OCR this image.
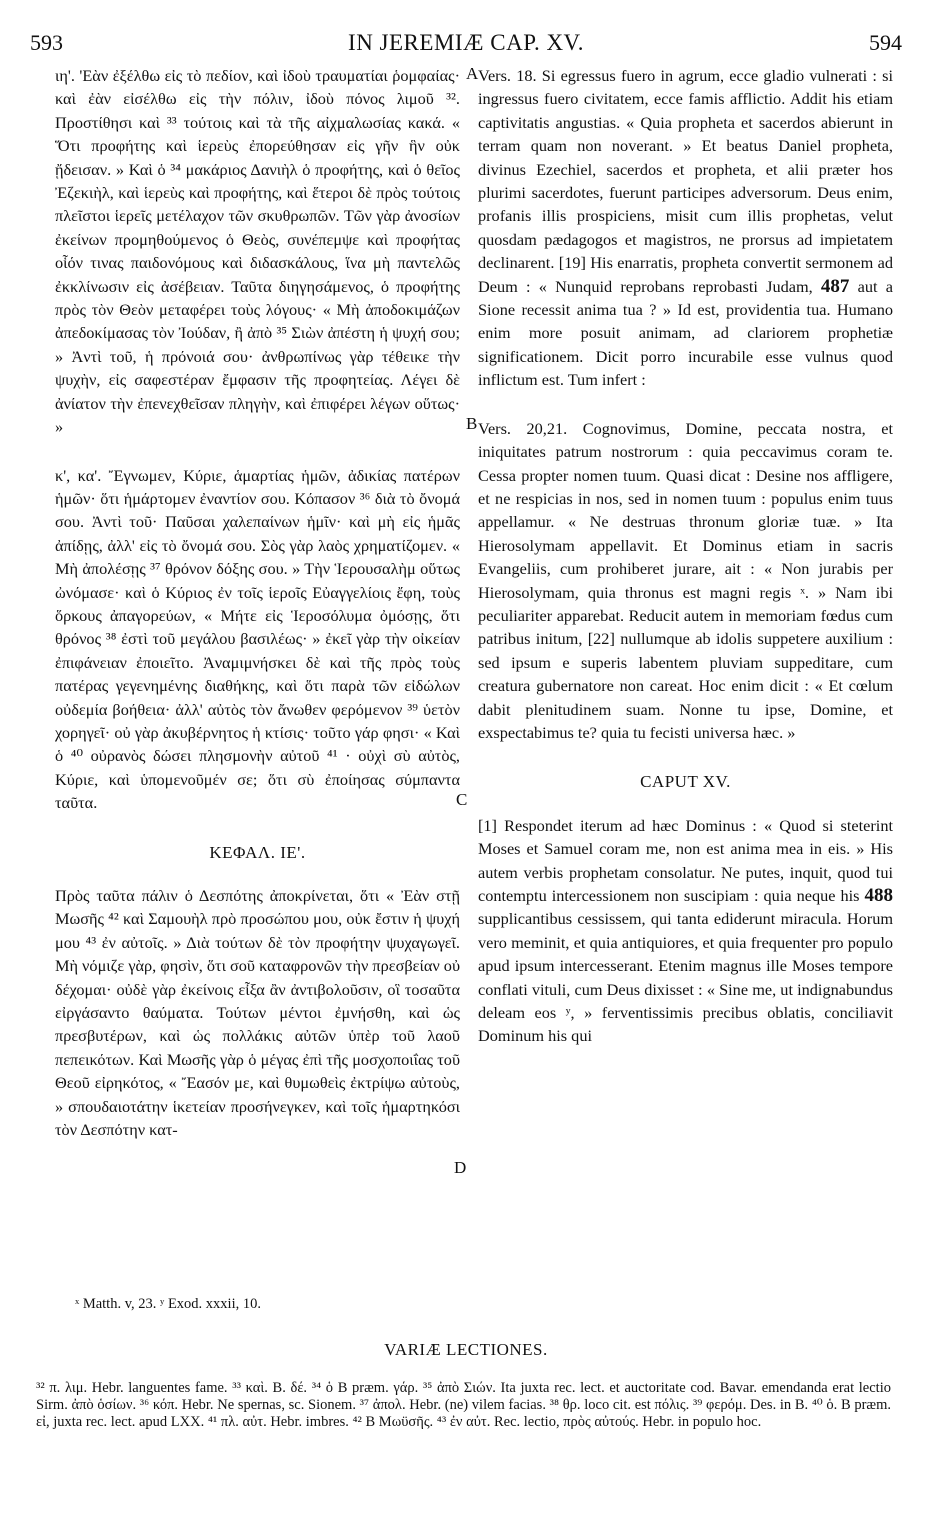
593	IN JEREMIÆ CAP. XV.	594

ιη'. 'Εὰν ἐξέλθω εἰς τὸ πεδίον, καὶ ἰδοὺ τραυματίαι ῥομφαίας· καὶ ἐὰν εἰσέλθω εἰς τὴν πόλιν, ἰδοὺ πόνος λιμοῦ ³². Προστίθησι καὶ ³³ τούτοις καὶ τὰ τῆς αἰχμαλωσίας κακά. « Ὅτι προφήτης καὶ ἱερεὺς ἐπορεύθησαν εἰς γῆν ἣν οὐκ ᾔδεισαν. » Καὶ ὁ ³⁴ μακάριος Δανιὴλ ὁ προφήτης, καὶ ὁ θεῖος Ἐζεκιὴλ, καὶ ἱερεὺς καὶ προφήτης, καὶ ἕτεροι δὲ πρὸς τούτοις πλεῖστοι ἱερεῖς μετέλαχον τῶν σκυθρωπῶν. Τῶν γὰρ ἀνοσίων ἐκείνων προμηθούμενος ὁ Θεὸς, συνέπεμψε καὶ προφήτας οἷόν τινας παιδονόμους καὶ διδασκάλους, ἵνα μὴ παντελῶς ἐκκλίνωσιν εἰς ἀσέβειαν. Ταῦτα διηγησάμενος, ὁ προφήτης πρὸς τὸν Θεὸν μεταφέρει τοὺς λόγους· « Μὴ ἀποδοκιμάζων ἀπεδοκίμασας τὸν Ἰούδαν, ἢ ἀπὸ ³⁵ Σιὼν ἀπέστη ἡ ψυχή σου; » Ἀντὶ τοῦ, ἡ πρόνοιά σου· ἀνθρωπίνως γὰρ τέθεικε τὴν ψυχὴν, εἰς σαφεστέραν ἔμφασιν τῆς προφητείας. Λέγει δὲ ἀνίατον τὴν ἐπενεχθεῖσαν πληγὴν, καὶ ἐπιφέρει λέγων οὕτως· »

κ', κα'. Ἔγνωμεν, Κύριε, ἁμαρτίας ἡμῶν, ἀδικίας πατέρων ἡμῶν· ὅτι ἡμάρτομεν ἐναντίον σου. Κόπασον ³⁶ διὰ τὸ ὄνομά σου. Ἀντὶ τοῦ· Παῦσαι χαλεπαίνων ἡμῖν· καὶ μὴ εἰς ἡμᾶς ἀπίδῃς, ἀλλ' εἰς τὸ ὄνομά σου. Σὸς γὰρ λαὸς χρηματίζομεν. « Μὴ ἀπολέσῃς ³⁷ θρόνον δόξης σου. » Τὴν Ἱερουσαλὴμ οὕτως ὠνόμασε· καὶ ὁ Κύριος ἐν τοῖς ἱεροῖς Εὐαγγελίοις ἔφη, τοὺς ὅρκους ἀπαγορεύων, « Μήτε εἰς Ἱεροσόλυμα ὀμόσῃς, ὅτι θρόνος ³⁸ ἐστὶ τοῦ μεγάλου βασιλέως· » ἐκεῖ γὰρ τὴν οἰκείαν ἐπιφάνειαν ἐποιεῖτο. Ἀναμιμνήσκει δὲ καὶ τῆς πρὸς τοὺς πατέρας γεγενημένης διαθήκης, καὶ ὅτι παρὰ τῶν εἰδώλων οὐδεμία βοήθεια· ἀλλ' αὐτὸς τὸν ἄνωθεν φερόμενον ³⁹ ὑετὸν χορηγεῖ· οὐ γὰρ ἀκυβέρνητος ἡ κτίσις· τοῦτο γάρ φησι· « Καὶ ὁ ⁴⁰ οὐρανὸς δώσει πλησμονὴν αὐτοῦ ⁴¹ · οὐχὶ σὺ αὐτὸς, Κύριε, καὶ ὑπομενοῦμέν σε; ὅτι σὺ ἐποίησας σύμπαντα ταῦτα.

ΚΕΦΑΛ. ΙΕ'.

Πρὸς ταῦτα πάλιν ὁ Δεσπότης ἀποκρίνεται, ὅτι « Ἐὰν στῇ Μωσῆς ⁴² καὶ Σαμουὴλ πρὸ προσώπου μου, οὐκ ἔστιν ἡ ψυχή μου ⁴³ ἐν αὐτοῖς. » Διὰ τούτων δὲ τὸν προφήτην ψυχαγωγεῖ. Μὴ νόμιζε γὰρ, φησὶν, ὅτι σοῦ καταφρονῶν τὴν πρεσβείαν οὐ δέχομαι· οὐδὲ γὰρ ἐκείνοις εἶξα ἂν ἀντιβολοῦσιν, οἳ τοσαῦτα εἰργάσαντο θαύματα. Τούτων μέντοι ἐμνήσθη, καὶ ὡς πρεσβυτέρων, καὶ ὡς πολλάκις αὐτῶν ὑπὲρ τοῦ λαοῦ πεπεικότων. Καὶ Μωσῆς γὰρ ὁ μέγας ἐπὶ τῆς μοσχοποιΐας τοῦ Θεοῦ εἰρηκότος, « Ἔασόν με, καὶ θυμωθεὶς ἐκτρίψω αὐτοὺς, » σπουδαιοτάτην ἱκετείαν προσήνεγκεν, καὶ τοῖς ἡμαρτηκόσι τὸν Δεσπότην κατ-

Vers. 18. Si egressus fuero in agrum, ecce gladio vulnerati : si ingressus fuero civitatem, ecce famis afflictio. Addit his etiam captivitatis angustias. « Quia propheta et sacerdos abierunt in terram quam non noverant. » Et beatus Daniel propheta, divinus Ezechiel, sacerdos et propheta, et alii præter hos plurimi sacerdotes, fuerunt participes adversorum. Deus enim, profanis illis prospiciens, misit cum illis prophetas, velut quosdam pædagogos et magistros, ne prorsus ad impietatem declinarent. [19] His enarratis, propheta convertit sermonem ad Deum : « Nunquid reprobans reprobasti Judam, 487 aut a Sione recessit anima tua ? » Id est, providentia tua. Humano enim more posuit animam, ad clariorem prophetiæ significationem. Dicit porro incurabile esse vulnus quod inflictum est. Tum infert :

Vers. 20,21. Cognovimus, Domine, peccata nostra, et iniquitates patrum nostrorum : quia peccavimus coram te. Cessa propter nomen tuum. Quasi dicat : Desine nos affligere, et ne respicias in nos, sed in nomen tuum : populus enim tuus appellamur. « Ne destruas thronum gloriæ tuæ. » Ita Hierosolymam appellavit. Et Dominus etiam in sacris Evangeliis, cum prohiberet jurare, ait : « Non jurabis per Hierosolymam, quia thronus est magni regis ˣ. » Nam ibi peculiariter apparebat. Reducit autem in memoriam fœdus cum patribus initum, [22] nullumque ab idolis suppetere auxilium : sed ipsum e superis labentem pluviam suppeditare, cum creatura gubernatore non careat. Hoc enim dicit : « Et cœlum dabit plenitudinem suam. Nonne tu ipse, Domine, et exspectabimus te? quia tu fecisti universa hæc. »

CAPUT XV.

[1] Respondet iterum ad hæc Dominus : « Quod si steterint Moses et Samuel coram me, non est anima mea in eis. » His autem verbis prophetam consolatur. Ne putes, inquit, quod tui contemptu intercessionem non suscipiam : quia neque his 488 supplicantibus cessissem, qui tanta ediderunt miracula. Horum vero meminit, et quia antiquiores, et quia frequenter pro populo apud ipsum intercesserant. Etenim magnus ille Moses tempore conflati vituli, cum Deus dixisset : « Sine me, ut indignabundus deleam eos ʸ, » ferventissimis precibus oblatis, conciliavit Dominum his qui

A
B
C
D
ˣ Matth. v, 23. ʸ Exod. xxxii, 10.
VARIÆ LECTIONES.
³² π. λιμ. Hebr. languentes fame. ³³ καὶ. B. δέ. ³⁴ ὁ B præm. γάρ. ³⁵ ἀπὸ Σιών. Ita juxta rec. lect. et auctoritate cod. Bavar. emendanda erat lectio Sirm. ἀπὸ ὁσίων. ³⁶ κόπ. Hebr. Ne spernas, sc. Sionem. ³⁷ ἀπολ. Hebr. (ne) vilem facias. ³⁸ θρ. loco cit. est πόλις. ³⁹ φερόμ. Des. in B. ⁴⁰ ὁ. B præm. εἰ, juxta rec. lect. apud LXX. ⁴¹ πλ. αὐτ. Hebr. imbres. ⁴² B Μωϋσῆς. ⁴³ ἐν αὐτ. Rec. lectio, πρὸς αὐτούς. Hebr. in populo hoc.
